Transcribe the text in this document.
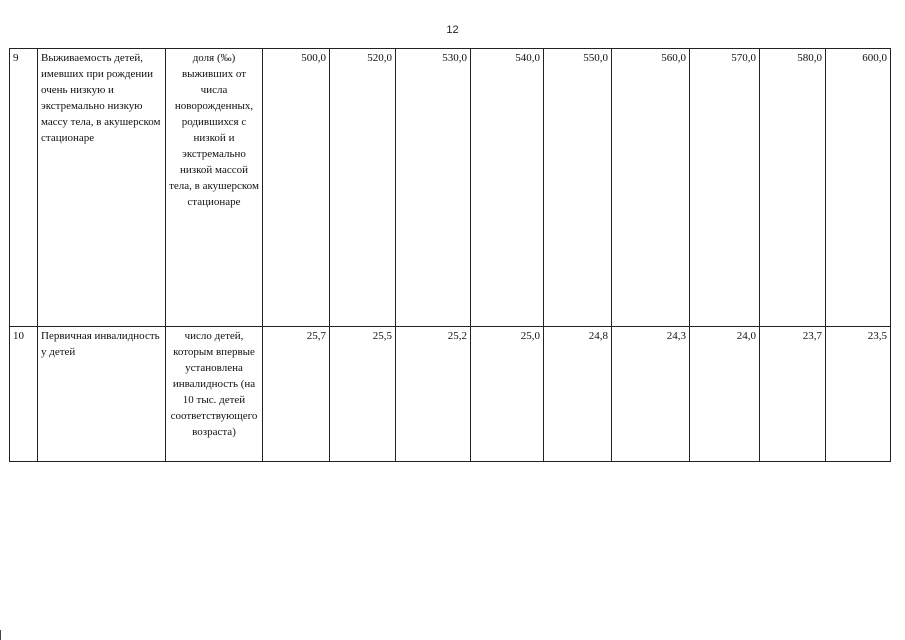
12
9	Выживаемость детей, имевших при рождении очень низкую и экстремально низкую массу тела, в акушерском стационаре	доля (‰) выживших от числа новорожденных, родившихся с низкой и экстремально низкой массой тела, в акушерском стационаре	500,0	520,0	530,0	540,0	550,0	560,0	570,0	580,0	600,0
10	Первичная инвалидность у детей	число детей, которым впервые установлена инвалидность (на 10 тыс. детей соответствующего возраста)	25,7	25,5	25,2	25,0	24,8	24,3	24,0	23,7	23,5
